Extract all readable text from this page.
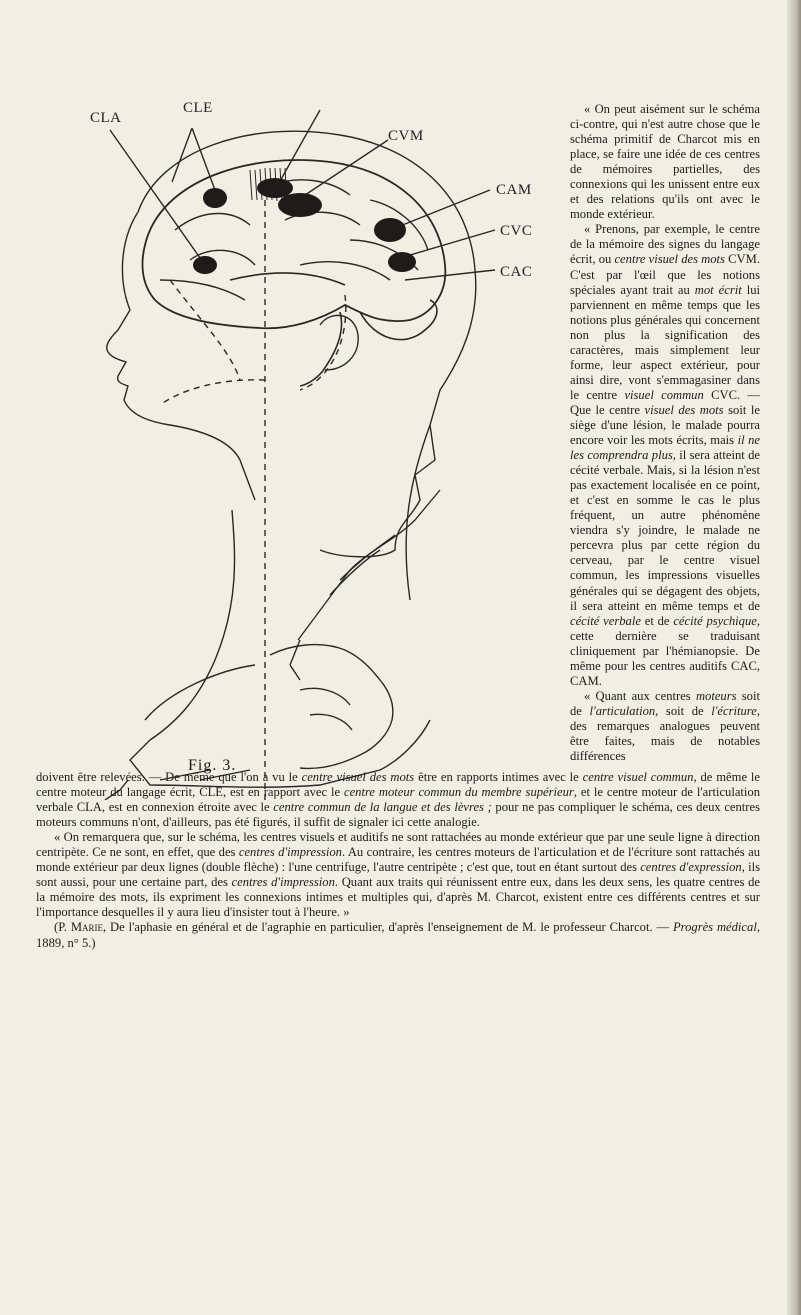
CLA
CLE
CVM
CAM
CVC
CAC
Fig. 3.

« On peut aisément sur le schéma ci-contre, qui n'est autre chose que le schéma primitif de Charcot mis en place, se faire une idée de ces centres de mémoires partielles, des connexions qui les unissent entre eux et des relations qu'ils ont avec le monde extérieur.

« Prenons, par exemple, le centre de la mémoire des signes du langage écrit, ou centre visuel des mots CVM. C'est par l'œil que les notions spéciales ayant trait au mot écrit lui parviennent en même temps que les notions plus générales qui concernent non plus la signification des caractères, mais simplement leur forme, leur aspect extérieur, pour ainsi dire, vont s'emmagasiner dans le centre visuel commun CVC. — Que le centre visuel des mots soit le siège d'une lésion, le malade pourra encore voir les mots écrits, mais il ne les comprendra plus, il sera atteint de cécité verbale. Mais, si la lésion n'est pas exactement localisée en ce point, et c'est en somme le cas le plus fréquent, un autre phénomène viendra s'y joindre, le malade ne percevra plus par cette région du cerveau, par le centre visuel commun, les impressions visuelles générales qui se dégagent des objets, il sera atteint en même temps et de cécité verbale et de cécité psychique, cette dernière se traduisant cliniquement par l'hémianopsie. De même pour les centres auditifs CAC, CAM.

« Quant aux centres moteurs soit de l'articulation, soit de l'écriture, des remarques analogues peuvent être faites, mais de notables différences

doivent être relevées. — De même que l'on a vu le centre visuel des mots être en rapports intimes avec le centre visuel commun, de même le centre moteur du langage écrit, CLE, est en rapport avec le centre moteur commun du membre supérieur, et le centre moteur de l'articulation verbale CLA, est en connexion étroite avec le centre commun de la langue et des lèvres ; pour ne pas compliquer le schéma, ces deux centres moteurs communs n'ont, d'ailleurs, pas été figurés, il suffit de signaler ici cette analogie.

« On remarquera que, sur le schéma, les centres visuels et auditifs ne sont rattachées au monde extérieur que par une seule ligne à direction centripète. Ce ne sont, en effet, que des centres d'impression. Au contraire, les centres moteurs de l'articulation et de l'écriture sont rattachés au monde extérieur par deux lignes (double flèche) : l'une centrifuge, l'autre centripète ; c'est que, tout en étant surtout des centres d'expression, ils sont aussi, pour une certaine part, des centres d'impression. Quant aux traits qui réunissent entre eux, dans les deux sens, les quatre centres de la mémoire des mots, ils expriment les connexions intimes et multiples qui, d'après M. Charcot, existent entre ces différents centres et sur l'importance desquelles il y aura lieu d'insister tout à l'heure. »

(P. Marie, De l'aphasie en général et de l'agraphie en particulier, d'après l'enseignement de M. le professeur Charcot. — Progrès médical, 1889, n° 5.)
